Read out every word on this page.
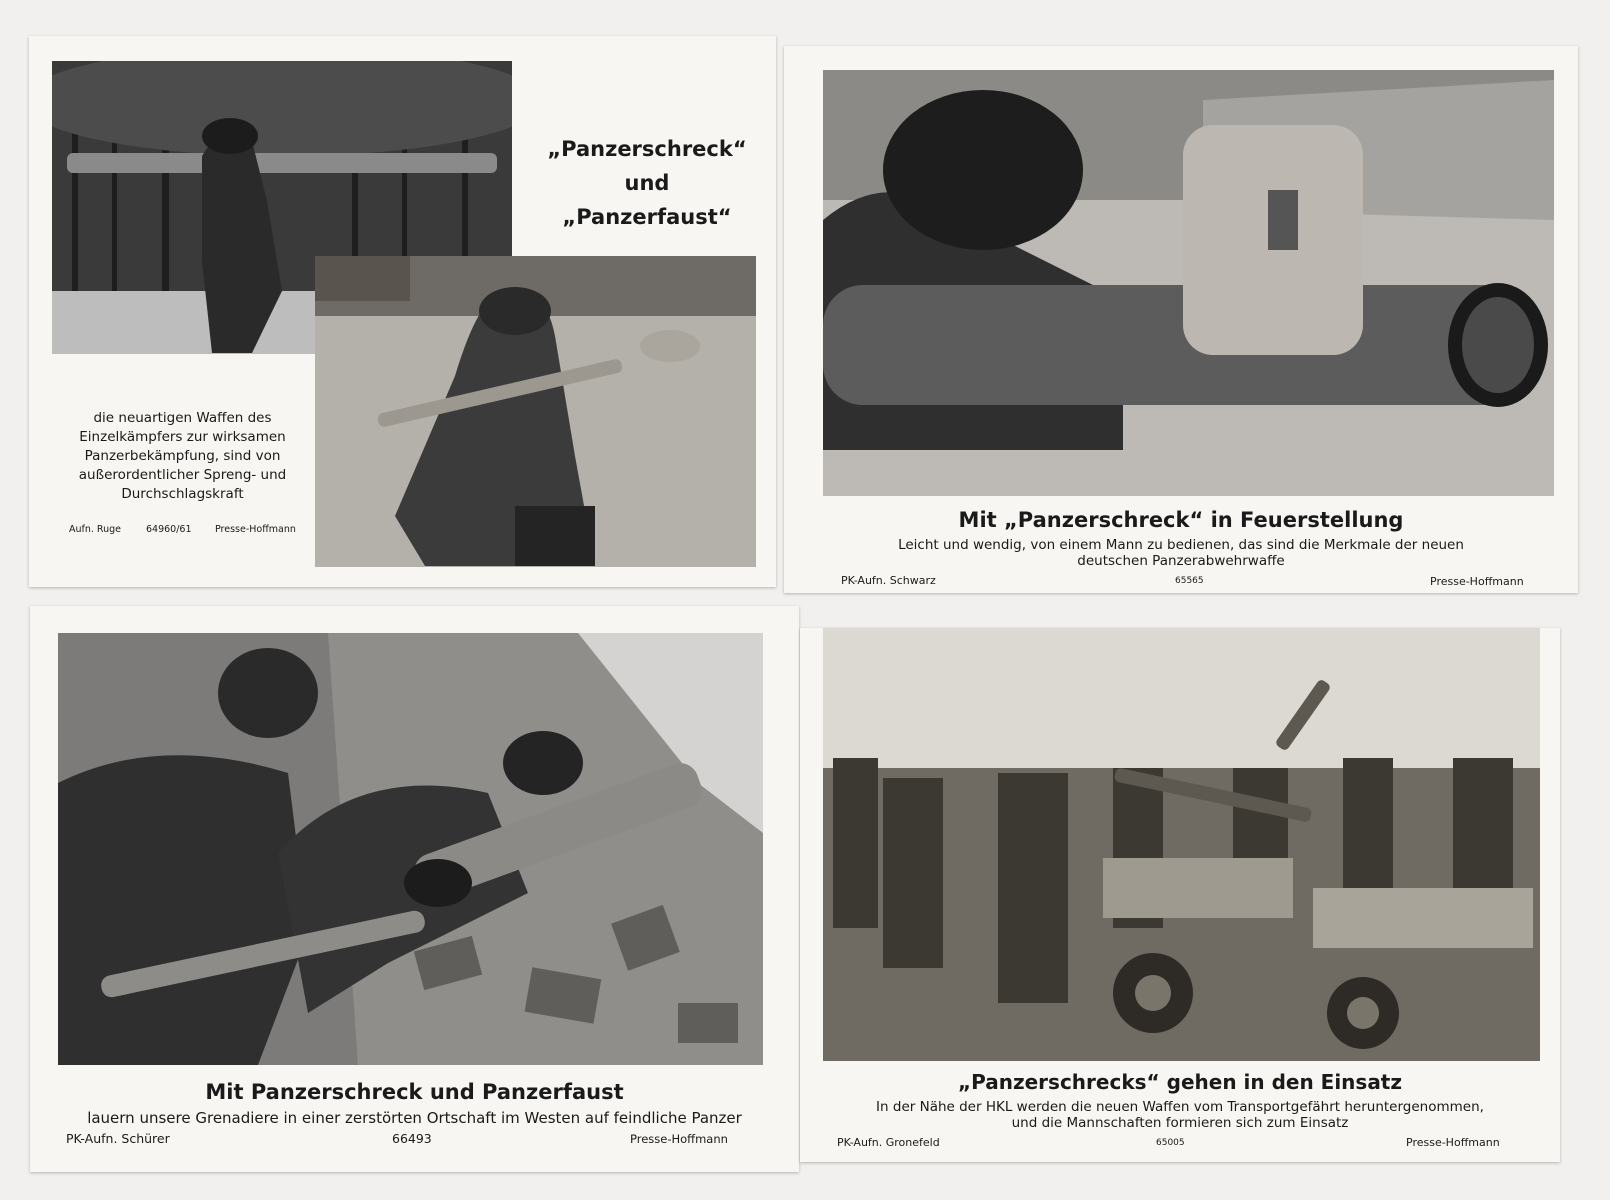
„Panzerschreck“
und
„Panzerfaust“
die neuartigen Waffen des
Einzelkämpfers zur wirksamen
Panzerbekämpfung, sind von
außerordentlicher Spreng- und
Durchschlagskraft
Aufn. Ruge	64960/61 Presse-Hoffmann	Mit „Panzerschreck“ in Feuerstellung
Leicht und wendig, von einem Mann zu bedienen, das sind die Merkmale der neuen
deutschen Panzerabwehrwaffe
PK-Aufn. Schwarz	65565	Presse-Hoffmann
Mit Panzerschreck und Panzerfaust
lauern unsere Grenadiere in einer zerstörten Ortschaft im Westen auf feindliche Panzer
PK-Aufn. Schürer	66493	Presse-Hoffmann
„Panzerschrecks“ gehen in den Einsatz
In der Nähe der HKL werden die neuen Waffen vom Transportgefährt heruntergenommen,
und die Mannschaften formieren sich zum Einsatz
PK-Aufn. Gronefeld	65005	Presse-Hoffmann
